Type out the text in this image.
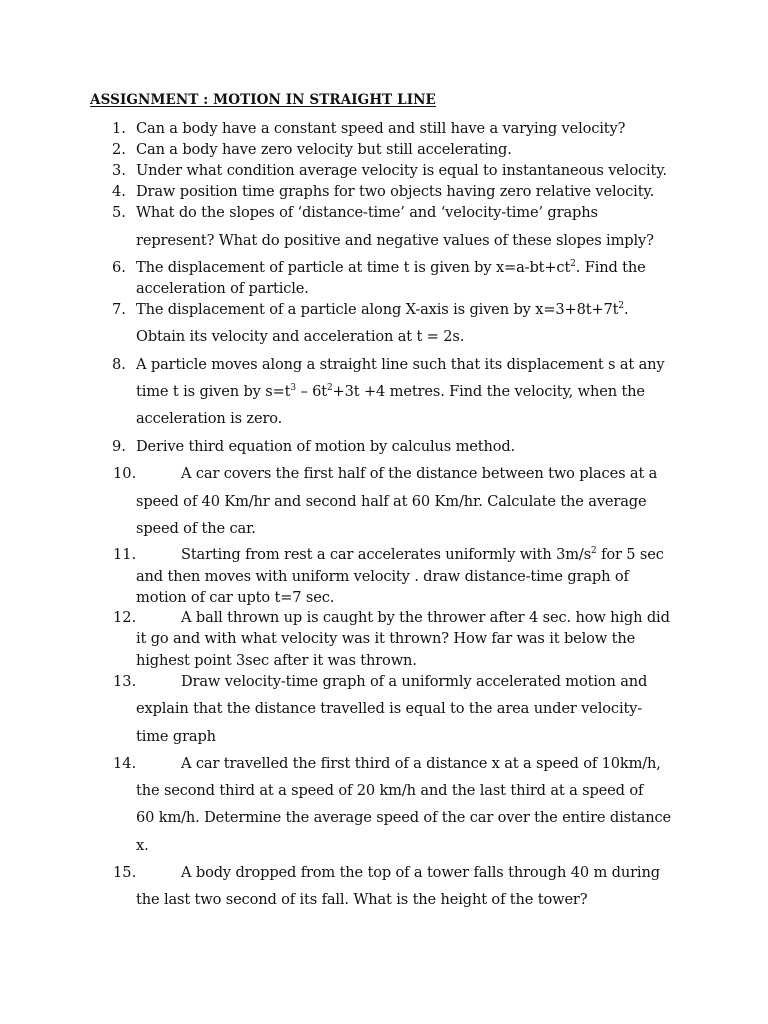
ASSIGNMENT : MOTION IN STRAIGHT LINE
1. Can a body have a constant speed and still have a varying velocity?
2. Can a body have zero velocity but still accelerating.
3. Under what condition average velocity is equal to instantaneous velocity.
4. Draw position time graphs for two objects having zero relative velocity.
5. What do the slopes of ‘distance-time’ and ‘velocity-time’ graphs
represent? What do positive and negative values of these slopes imply?
6. The displacement of particle at time t is given by $x=a-bt+ct^2$. Find the
acceleration of particle.
7. The displacement of a particle along X-axis is given by $x=3+8t+7t^2$.
Obtain its velocity and acceleration at t = 2s.
8. A particle moves along a straight line such that its displacement s at any
time t is given by $s=t^3 - 6t^2+3t +4$ metres. Find the velocity, when the
acceleration is zero.
9. Derive third equation of motion by calculus method.
10.	A car covers the first half of the distance between two places at a
speed of 40 Km/hr and second half at 60 Km/hr. Calculate the average
speed of the car.
11.	Starting from rest a car accelerates uniformly with $3m/s^2$ for 5 sec
and then moves with uniform velocity . draw distance-time graph of
motion of car upto t=7 sec.
12.	A ball thrown up is caught by the thrower after 4 sec. how high did
it go and with what velocity was it thrown? How far was it below the
highest point 3sec after it was thrown.
13.	Draw velocity-time graph of a uniformly accelerated motion and
explain that the distance travelled is equal to the area under velocity-
time graph
14.	A car travelled the first third of a distance x at a speed of 10km/h,
the second third at a speed of 20 km/h and the last third at a speed of
60 km/h. Determine the average speed of the car over the entire distance
x.
15.	A body dropped from the top of a tower falls through 40 m during
the last two second of its fall. What is the height of the tower?
